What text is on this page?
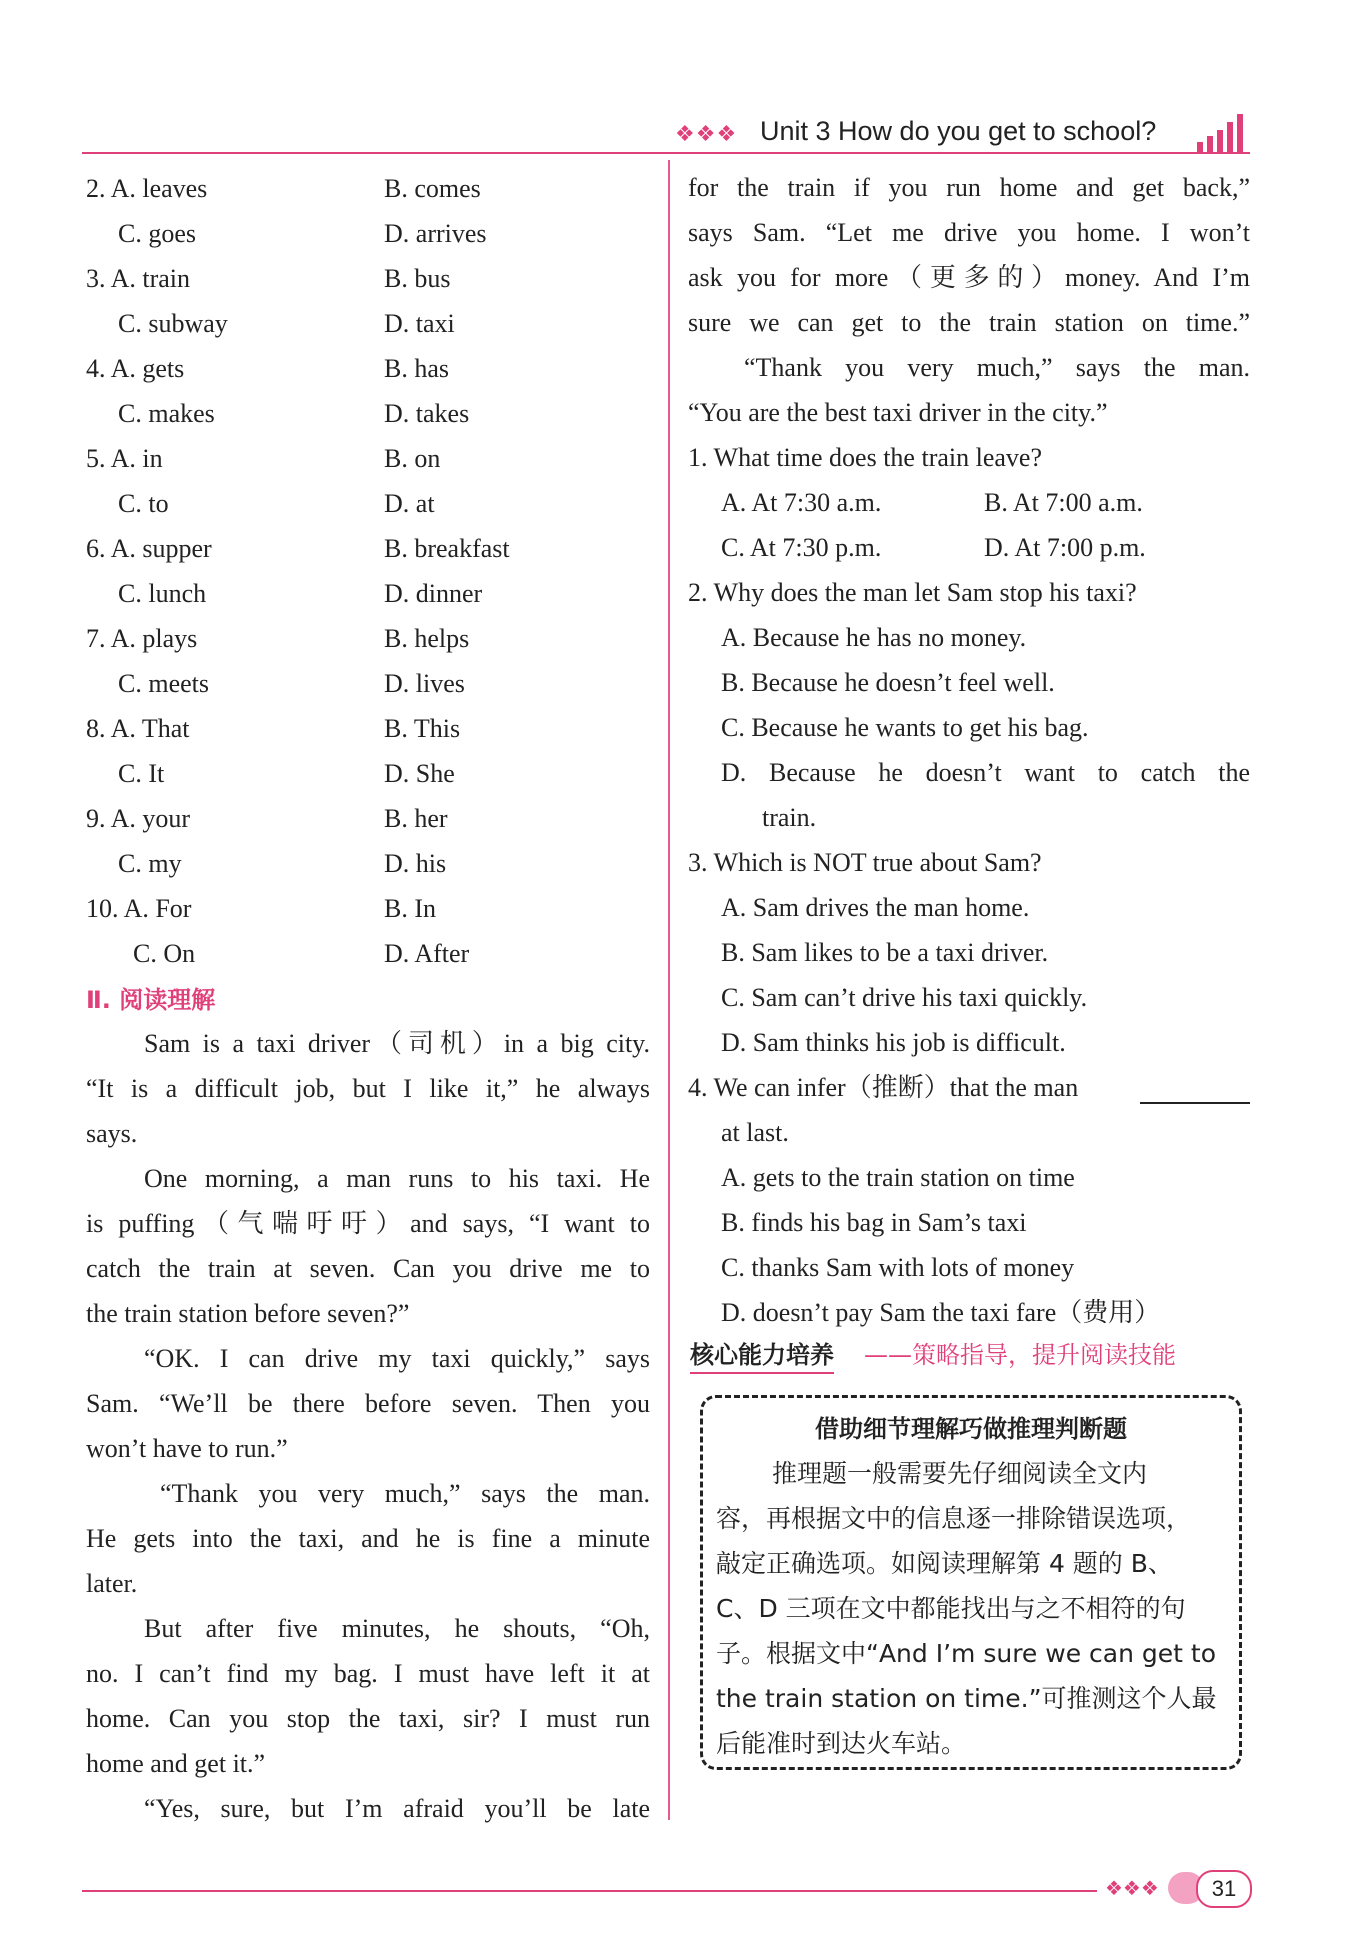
❖❖❖ Unit 3 How do you get to school?
2. A. leaves	B. comes
C. goes	D. arrives
3. A. train	B. bus
C. subway	D. taxi
4. A. gets	B. has
C. makes	D. takes
5. A. in	B. on
C. to	D. at
6. A. supper	B. breakfast
C. lunch	D. dinner
7. A. plays	B. helps
C. meets	D. lives
8. A. That	B. This
C. It	D. She
9. A. your	B. her
C. my	D. his
10. A. For	B. In
C. On	D. After
Ⅱ. 阅读理解
Sam is a taxi driver（司机）in a big city.
“It is a difficult job, but I like it,” he always
says.
One morning, a man runs to his taxi. He
is puffing（气喘吁吁）and says, “I want to
catch the train at seven. Can you drive me to
the train station before seven?”
“OK. I can drive my taxi quickly,” says
Sam. “We’ll be there before seven. Then you
won’t have to run.”
“Thank you very much,” says the man.
He gets into the taxi, and he is fine a minute
later.
But after five minutes, he shouts, “Oh,
no. I can’t find my bag. I must have left it at
home. Can you stop the taxi, sir? I must run
home and get it.”
“Yes, sure, but I’m afraid you’ll be late
for the train if you run home and get back,”
says Sam. “Let me drive you home. I won’t
ask you for more（更多的）money. And I’m
sure we can get to the train station on time.”
“Thank you very much,” says the man.
“You are the best taxi driver in the city.”
1. What time does the train leave?
A. At 7:30 a.m.	B. At 7:00 a.m.
C. At 7:30 p.m.	D. At 7:00 p.m.
2. Why does the man let Sam stop his taxi?
A. Because he has no money.
B. Because he doesn’t feel well.
C. Because he wants to get his bag.
D. Because he doesn’t want to catch the
train.
3. Which is NOT true about Sam?
A. Sam drives the man home.
B. Sam likes to be a taxi driver.
C. Sam can’t drive his taxi quickly.
D. Sam thinks his job is difficult.
4. We can infer（推断）that the man
at last.
A. gets to the train station on time
B. finds his bag in Sam’s taxi
C. thanks Sam with lots of money
D. doesn’t pay Sam the taxi fare（费用）
核心能力培养 ——策略指导，提升阅读技能
借助细节理解巧做推理判断题
推理题一般需要先仔细阅读全文内
容，再根据文中的信息逐一排除错误选项，
敲定正确选项。如阅读理解第 4 题的 B、
C、D 三项在文中都能找出与之不相符的句
子。根据文中“And I’m sure we can get to
the train station on time.”可推测这个人最
后能准时到达火车站。
❖❖❖	31
